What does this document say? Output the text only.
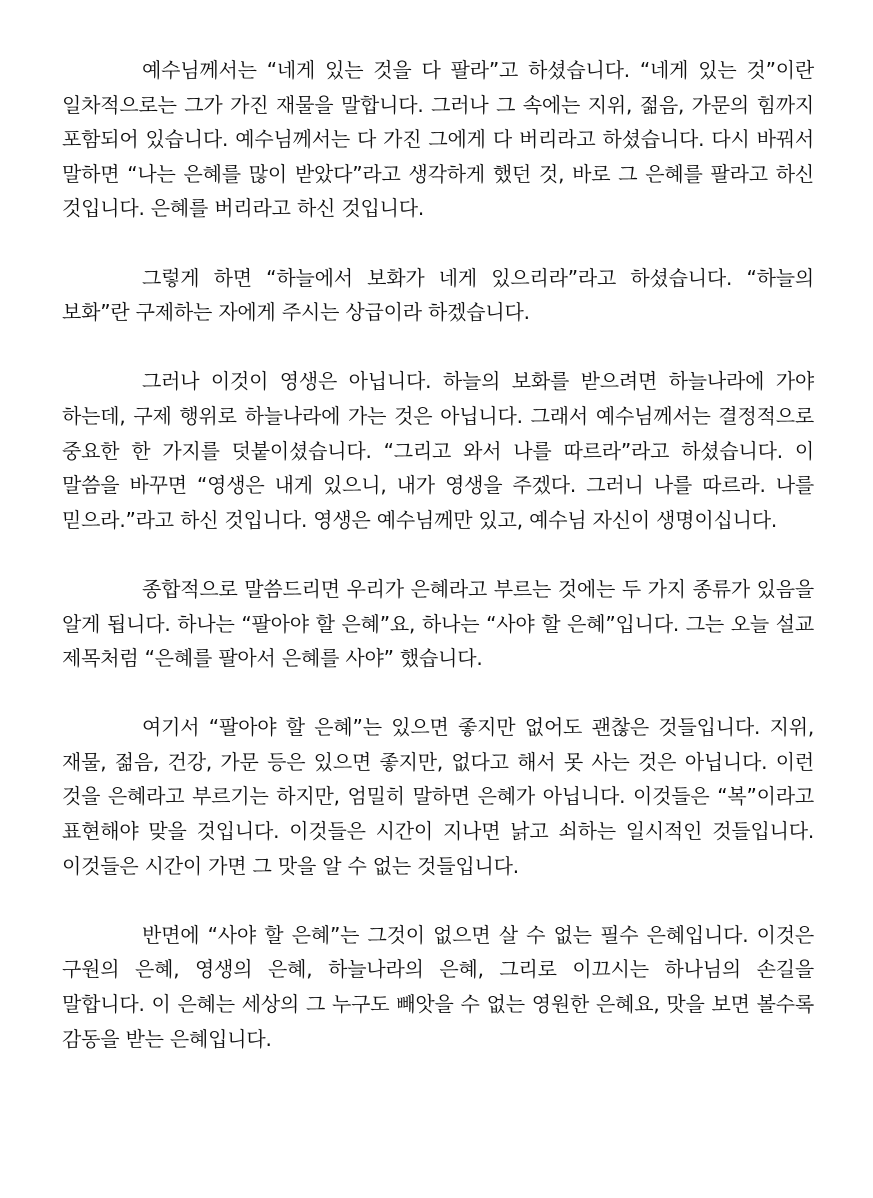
예수님께서는 “네게 있는 것을 다 팔라”고 하셨습니다. “네게 있는 것”이란 일차적으로는 그가 가진 재물을 말합니다. 그러나 그 속에는 지위, 젊음, 가문의 힘까지 포함되어 있습니다. 예수님께서는 다 가진 그에게 다 버리라고 하셨습니다. 다시 바꿔서 말하면 “나는 은혜를 많이 받았다”라고 생각하게 했던 것, 바로 그 은혜를 팔라고 하신 것입니다. 은혜를 버리라고 하신 것입니다.

그렇게 하면 “하늘에서 보화가 네게 있으리라”라고 하셨습니다. “하늘의 보화”란 구제하는 자에게 주시는 상급이라 하겠습니다.

그러나 이것이 영생은 아닙니다. 하늘의 보화를 받으려면 하늘나라에 가야 하는데, 구제 행위로 하늘나라에 가는 것은 아닙니다. 그래서 예수님께서는 결정적으로 중요한 한 가지를 덧붙이셨습니다. “그리고 와서 나를 따르라”라고 하셨습니다. 이 말씀을 바꾸면 “영생은 내게 있으니, 내가 영생을 주겠다. 그러니 나를 따르라. 나를 믿으라.”라고 하신 것입니다. 영생은 예수님께만 있고, 예수님 자신이 생명이십니다.

종합적으로 말씀드리면 우리가 은혜라고 부르는 것에는 두 가지 종류가 있음을 알게 됩니다. 하나는 “팔아야 할 은혜”요, 하나는 “사야 할 은혜”입니다. 그는 오늘 설교 제목처럼 “은혜를 팔아서 은혜를 사야” 했습니다.

여기서 “팔아야 할 은혜”는 있으면 좋지만 없어도 괜찮은 것들입니다. 지위, 재물, 젊음, 건강, 가문 등은 있으면 좋지만, 없다고 해서 못 사는 것은 아닙니다. 이런 것을 은혜라고 부르기는 하지만, 엄밀히 말하면 은혜가 아닙니다. 이것들은 “복”이라고 표현해야 맞을 것입니다. 이것들은 시간이 지나면 낡고 쇠하는 일시적인 것들입니다. 이것들은 시간이 가면 그 맛을 알 수 없는 것들입니다.

반면에 “사야 할 은혜”는 그것이 없으면 살 수 없는 필수 은혜입니다. 이것은 구원의 은혜, 영생의 은혜, 하늘나라의 은혜, 그리로 이끄시는 하나님의 손길을 말합니다. 이 은혜는 세상의 그 누구도 빼앗을 수 없는 영원한 은혜요, 맛을 보면 볼수록 감동을 받는 은혜입니다.
